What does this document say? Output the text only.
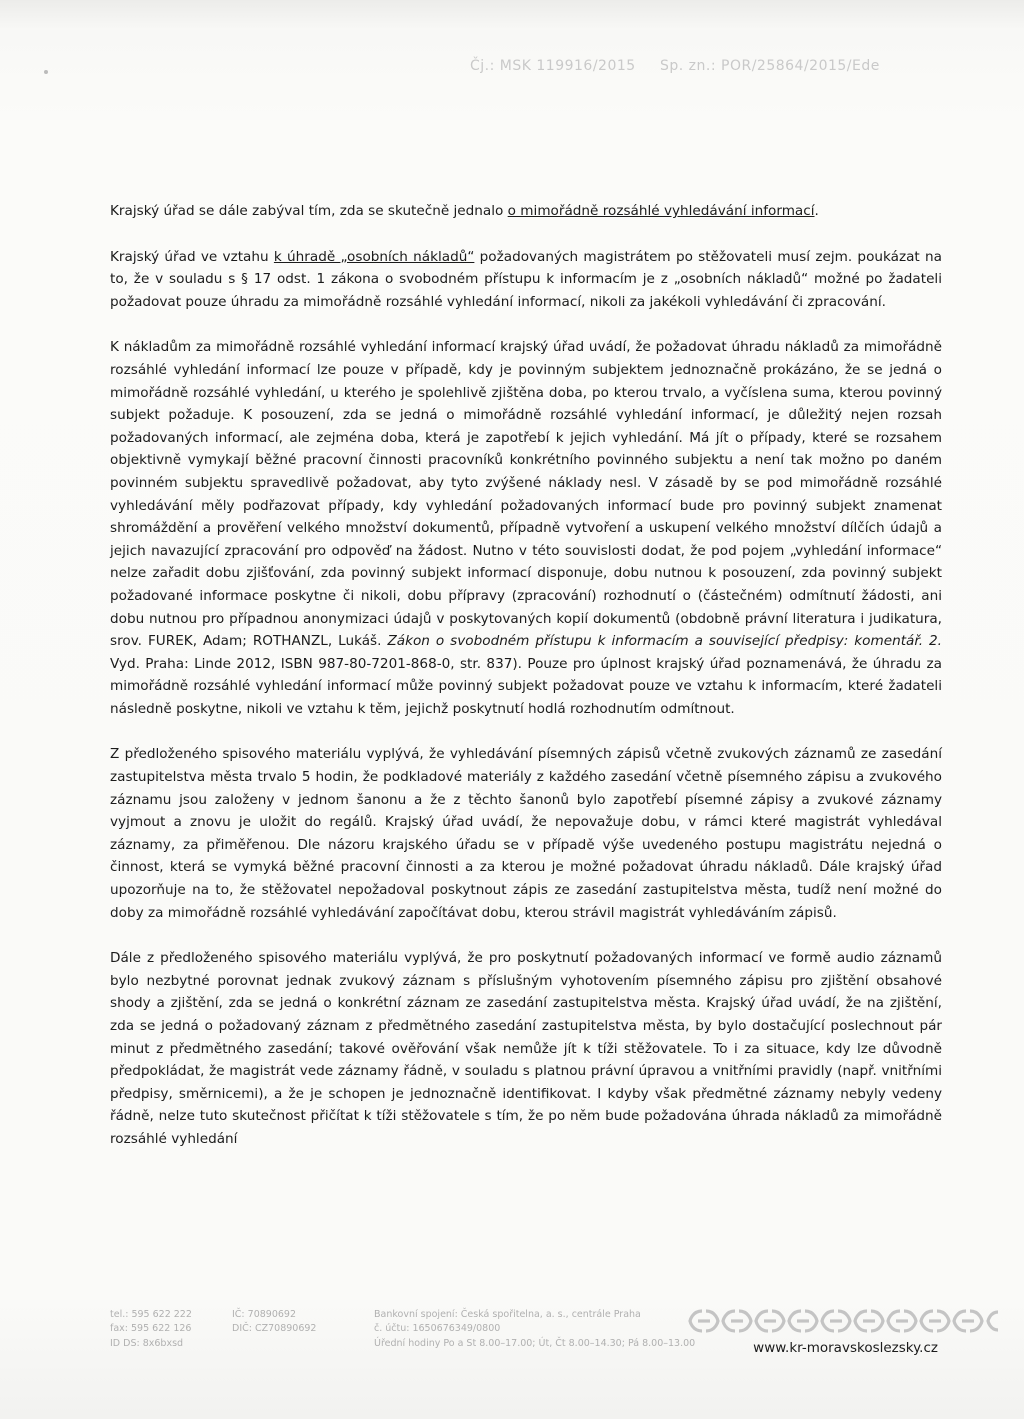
Čj.: MSK 119916/2015 Sp. zn.: POR/25864/2015/Ede

Krajský úřad se dále zabýval tím, zda se skutečně jednalo o mimořádně rozsáhlé vyhledávání informací.

Krajský úřad ve vztahu k úhradě „osobních nákladů“ požadovaných magistrátem po stěžovateli musí zejm. poukázat na to, že v souladu s § 17 odst. 1 zákona o svobodném přístupu k informacím je z „osobních nákladů“ možné po žadateli požadovat pouze úhradu za mimořádně rozsáhlé vyhledání informací, nikoli za jakékoli vyhledávání či zpracování.

K nákladům za mimořádně rozsáhlé vyhledání informací krajský úřad uvádí, že požadovat úhradu nákladů za mimořádně rozsáhlé vyhledání informací lze pouze v případě, kdy je povinným subjektem jednoznačně prokázáno, že se jedná o mimořádně rozsáhlé vyhledání, u kterého je spolehlivě zjištěna doba, po kterou trvalo, a vyčíslena suma, kterou povinný subjekt požaduje. K posouzení, zda se jedná o mimořádně rozsáhlé vyhledání informací, je důležitý nejen rozsah požadovaných informací, ale zejména doba, která je zapotřebí k jejich vyhledání. Má jít o případy, které se rozsahem objektivně vymykají běžné pracovní činnosti pracovníků konkrétního povinného subjektu a není tak možno po daném povinném subjektu spravedlivě požadovat, aby tyto zvýšené náklady nesl. V zásadě by se pod mimořádně rozsáhlé vyhledávání měly podřazovat případy, kdy vyhledání požadovaných informací bude pro povinný subjekt znamenat shromáždění a prověření velkého množství dokumentů, případně vytvoření a uskupení velkého množství dílčích údajů a jejich navazující zpracování pro odpověď na žádost. Nutno v této souvislosti dodat, že pod pojem „vyhledání informace“ nelze zařadit dobu zjišťování, zda povinný subjekt informací disponuje, dobu nutnou k posouzení, zda povinný subjekt požadované informace poskytne či nikoli, dobu přípravy (zpracování) rozhodnutí o (částečném) odmítnutí žádosti, ani dobu nutnou pro případnou anonymizaci údajů v poskytovaných kopií dokumentů (obdobně právní literatura i judikatura, srov. FUREK, Adam; ROTHANZL, Lukáš. Zákon o svobodném přístupu k informacím a související předpisy: komentář. 2. Vyd. Praha: Linde 2012, ISBN 987-80-7201-868-0, str. 837). Pouze pro úplnost krajský úřad poznamenává, že úhradu za mimořádně rozsáhlé vyhledání informací může povinný subjekt požadovat pouze ve vztahu k informacím, které žadateli následně poskytne, nikoli ve vztahu k těm, jejichž poskytnutí hodlá rozhodnutím odmítnout.

Z předloženého spisového materiálu vyplývá, že vyhledávání písemných zápisů včetně zvukových záznamů ze zasedání zastupitelstva města trvalo 5 hodin, že podkladové materiály z každého zasedání včetně písemného zápisu a zvukového záznamu jsou založeny v jednom šanonu a že z těchto šanonů bylo zapotřebí písemné zápisy a zvukové záznamy vyjmout a znovu je uložit do regálů. Krajský úřad uvádí, že nepovažuje dobu, v rámci které magistrát vyhledával záznamy, za přiměřenou. Dle názoru krajského úřadu se v případě výše uvedeného postupu magistrátu nejedná o činnost, která se vymyká běžné pracovní činnosti a za kterou je možné požadovat úhradu nákladů. Dále krajský úřad upozorňuje na to, že stěžovatel nepožadoval poskytnout zápis ze zasedání zastupitelstva města, tudíž není možné do doby za mimořádně rozsáhlé vyhledávání započítávat dobu, kterou strávil magistrát vyhledáváním zápisů.

Dále z předloženého spisového materiálu vyplývá, že pro poskytnutí požadovaných informací ve formě audio záznamů bylo nezbytné porovnat jednak zvukový záznam s příslušným vyhotovením písemného zápisu pro zjištění obsahové shody a zjištění, zda se jedná o konkrétní záznam ze zasedání zastupitelstva města. Krajský úřad uvádí, že na zjištění, zda se jedná o požadovaný záznam z předmětného zasedání zastupitelstva města, by bylo dostačující poslechnout pár minut z předmětného zasedání; takové ověřování však nemůže jít k tíži stěžovatele. To i za situace, kdy lze důvodně předpokládat, že magistrát vede záznamy řádně, v souladu s platnou právní úpravou a vnitřními pravidly (např. vnitřními předpisy, směrnicemi), a že je schopen je jednoznačně identifikovat. I kdyby však předmětné záznamy nebyly vedeny řádně, nelze tuto skutečnost přičítat k tíži stěžovatele s tím, že po něm bude požadována úhrada nákladů za mimořádně rozsáhlé vyhledání

tel.: 595 622 222
fax: 595 622 126
ID DS: 8x6bxsd
IČ: 70890692
DIČ: CZ70890692
Bankovní spojení: Česká spořitelna, a. s., centrále Praha
č. účtu: 1650676349/0800
Úřední hodiny Po a St 8.00–17.00; Út, Čt 8.00–14.30; Pá 8.00–13.00	www.kr-moravskoslezsky.cz
